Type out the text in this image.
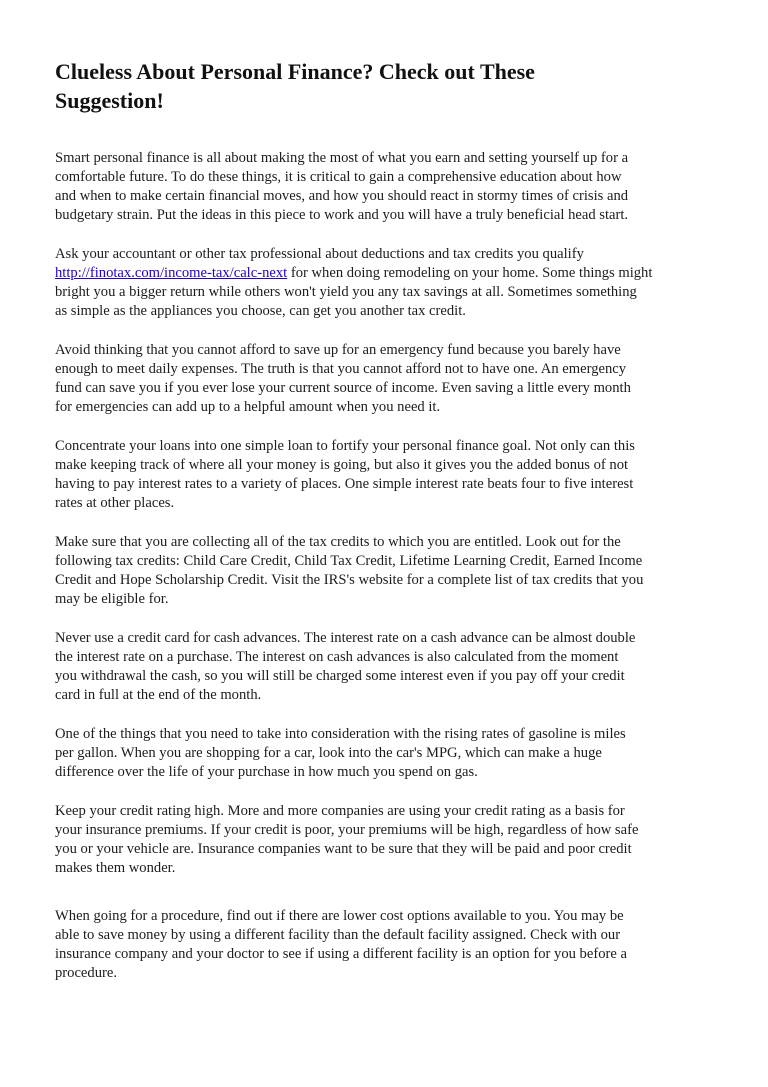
Clueless About Personal Finance? Check out These
Suggestion!
Smart personal finance is all about making the most of what you earn and setting yourself up for a
comfortable future. To do these things, it is critical to gain a comprehensive education about how
and when to make certain financial moves, and how you should react in stormy times of crisis and
budgetary strain. Put the ideas in this piece to work and you will have a truly beneficial head start.
Ask your accountant or other tax professional about deductions and tax credits you qualify
http://finotax.com/income-tax/calc-next for when doing remodeling on your home. Some things might
bright you a bigger return while others won't yield you any tax savings at all. Sometimes something
as simple as the appliances you choose, can get you another tax credit.
Avoid thinking that you cannot afford to save up for an emergency fund because you barely have
enough to meet daily expenses. The truth is that you cannot afford not to have one. An emergency
fund can save you if you ever lose your current source of income. Even saving a little every month
for emergencies can add up to a helpful amount when you need it.
Concentrate your loans into one simple loan to fortify your personal finance goal. Not only can this
make keeping track of where all your money is going, but also it gives you the added bonus of not
having to pay interest rates to a variety of places. One simple interest rate beats four to five interest
rates at other places.
Make sure that you are collecting all of the tax credits to which you are entitled. Look out for the
following tax credits: Child Care Credit, Child Tax Credit, Lifetime Learning Credit, Earned Income
Credit and Hope Scholarship Credit. Visit the IRS's website for a complete list of tax credits that you
may be eligible for.
Never use a credit card for cash advances. The interest rate on a cash advance can be almost double
the interest rate on a purchase. The interest on cash advances is also calculated from the moment
you withdrawal the cash, so you will still be charged some interest even if you pay off your credit
card in full at the end of the month.
One of the things that you need to take into consideration with the rising rates of gasoline is miles
per gallon. When you are shopping for a car, look into the car's MPG, which can make a huge
difference over the life of your purchase in how much you spend on gas.
Keep your credit rating high. More and more companies are using your credit rating as a basis for
your insurance premiums. If your credit is poor, your premiums will be high, regardless of how safe
you or your vehicle are. Insurance companies want to be sure that they will be paid and poor credit
makes them wonder.
When going for a procedure, find out if there are lower cost options available to you. You may be
able to save money by using a different facility than the default facility assigned. Check with our
insurance company and your doctor to see if using a different facility is an option for you before a
procedure.
